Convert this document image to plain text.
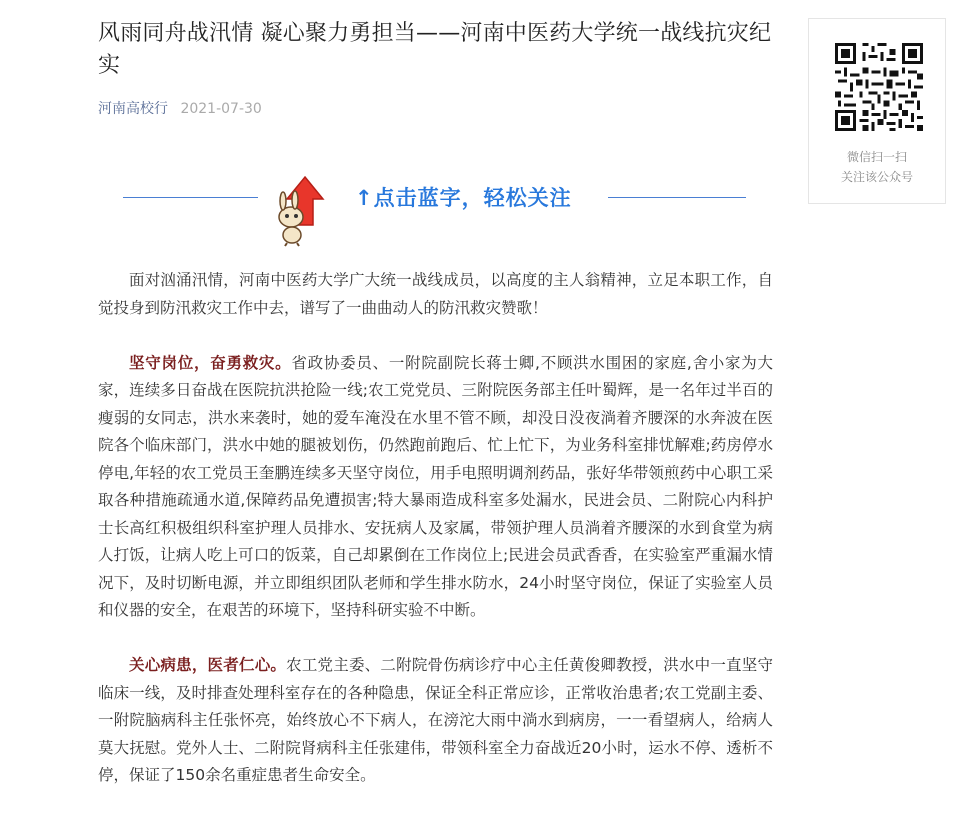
风雨同舟战汛情 凝心聚力勇担当——河南中医药大学统一战线抗灾纪实
河南高校行 2021-07-30
↑点击蓝字，轻松关注

面对汹涌汛情，河南中医药大学广大统一战线成员，以高度的主人翁精神，立足本职工作，自觉投身到防汛救灾工作中去，谱写了一曲曲动人的防汛救灾赞歌！

坚守岗位，奋勇救灾。省政协委员、一附院副院长蒋士卿,不顾洪水围困的家庭,舍小家为大家，连续多日奋战在医院抗洪抢险一线;农工党党员、三附院医务部主任叶蜀辉，是一名年过半百的瘦弱的女同志，洪水来袭时，她的爱车淹没在水里不管不顾，却没日没夜淌着齐腰深的水奔波在医院各个临床部门，洪水中她的腿被划伤，仍然跑前跑后、忙上忙下，为业务科室排忧解难;药房停水停电,年轻的农工党员王奎鹏连续多天坚守岗位，用手电照明调剂药品，张好华带领煎药中心职工采取各种措施疏通水道,保障药品免遭损害;特大暴雨造成科室多处漏水，民进会员、二附院心内科护士长高红积极组织科室护理人员排水、安抚病人及家属，带领护理人员淌着齐腰深的水到食堂为病人打饭，让病人吃上可口的饭菜，自己却累倒在工作岗位上;民进会员武香香，在实验室严重漏水情况下，及时切断电源，并立即组织团队老师和学生排水防水，24小时坚守岗位，保证了实验室人员和仪器的安全，在艰苦的环境下，坚持科研实验不中断。

关心病患，医者仁心。农工党主委、二附院骨伤病诊疗中心主任黄俊卿教授，洪水中一直坚守临床一线，及时排查处理科室存在的各种隐患，保证全科正常应诊，正常收治患者;农工党副主委、一附院脑病科主任张怀亮，始终放心不下病人，在滂沱大雨中淌水到病房，一一看望病人，给病人莫大抚慰。党外人士、二附院肾病科主任张建伟，带领科室全力奋战近20小时，运水不停、透析不停，保证了150余名重症患者生命安全。

微信扫一扫
关注该公众号
